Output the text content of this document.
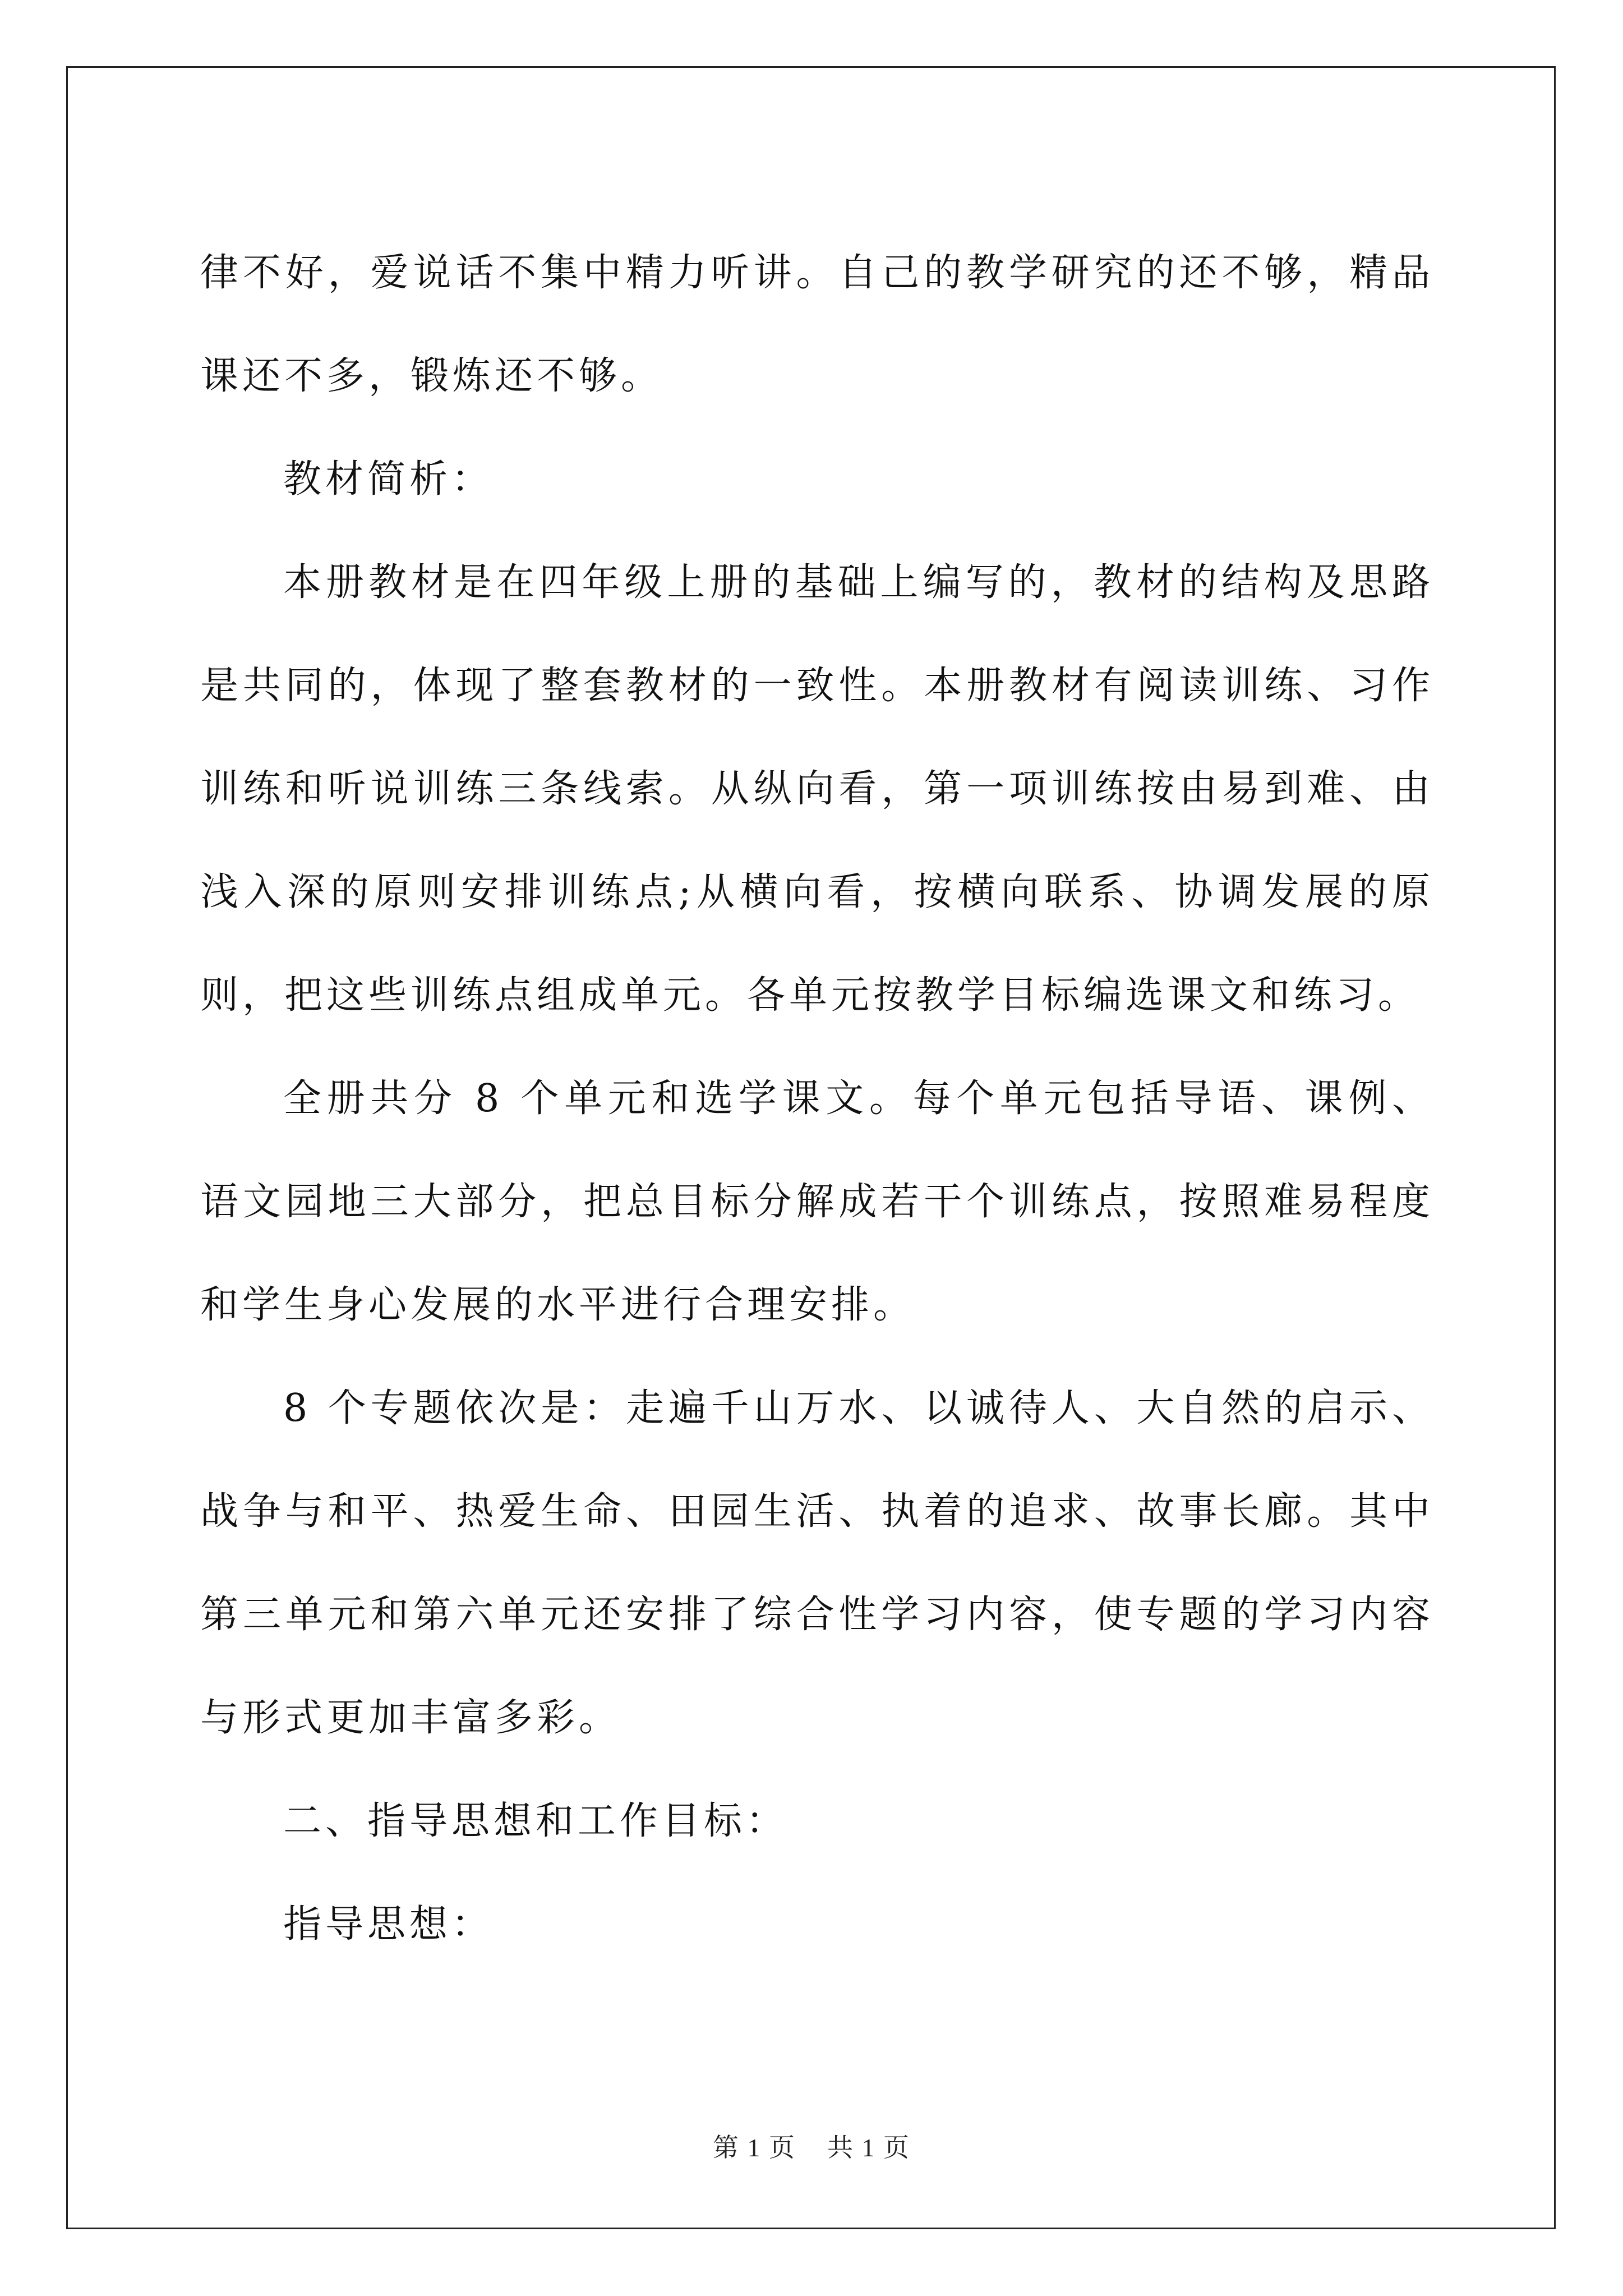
律不好，爱说话不集中精力听讲。自己的教学研究的还不够，精品课还不多，锻炼还不够。

教材简析：

本册教材是在四年级上册的基础上编写的，教材的结构及思路是共同的，体现了整套教材的一致性。本册教材有阅读训练、习作训练和听说训练三条线索。从纵向看，第一项训练按由易到难、由浅入深的原则安排训练点;从横向看，按横向联系、协调发展的原则，把这些训练点组成单元。各单元按教学目标编选课文和练习。

全册共分 8 个单元和选学课文。每个单元包括导语、课例、语文园地三大部分，把总目标分解成若干个训练点，按照难易程度和学生身心发展的水平进行合理安排。

8 个专题依次是：走遍千山万水、以诚待人、大自然的启示、战争与和平、热爱生命、田园生活、执着的追求、故事长廊。其中第三单元和第六单元还安排了综合性学习内容，使专题的学习内容与形式更加丰富多彩。

二、指导思想和工作目标：

指导思想：

第 1 页 共 1 页
